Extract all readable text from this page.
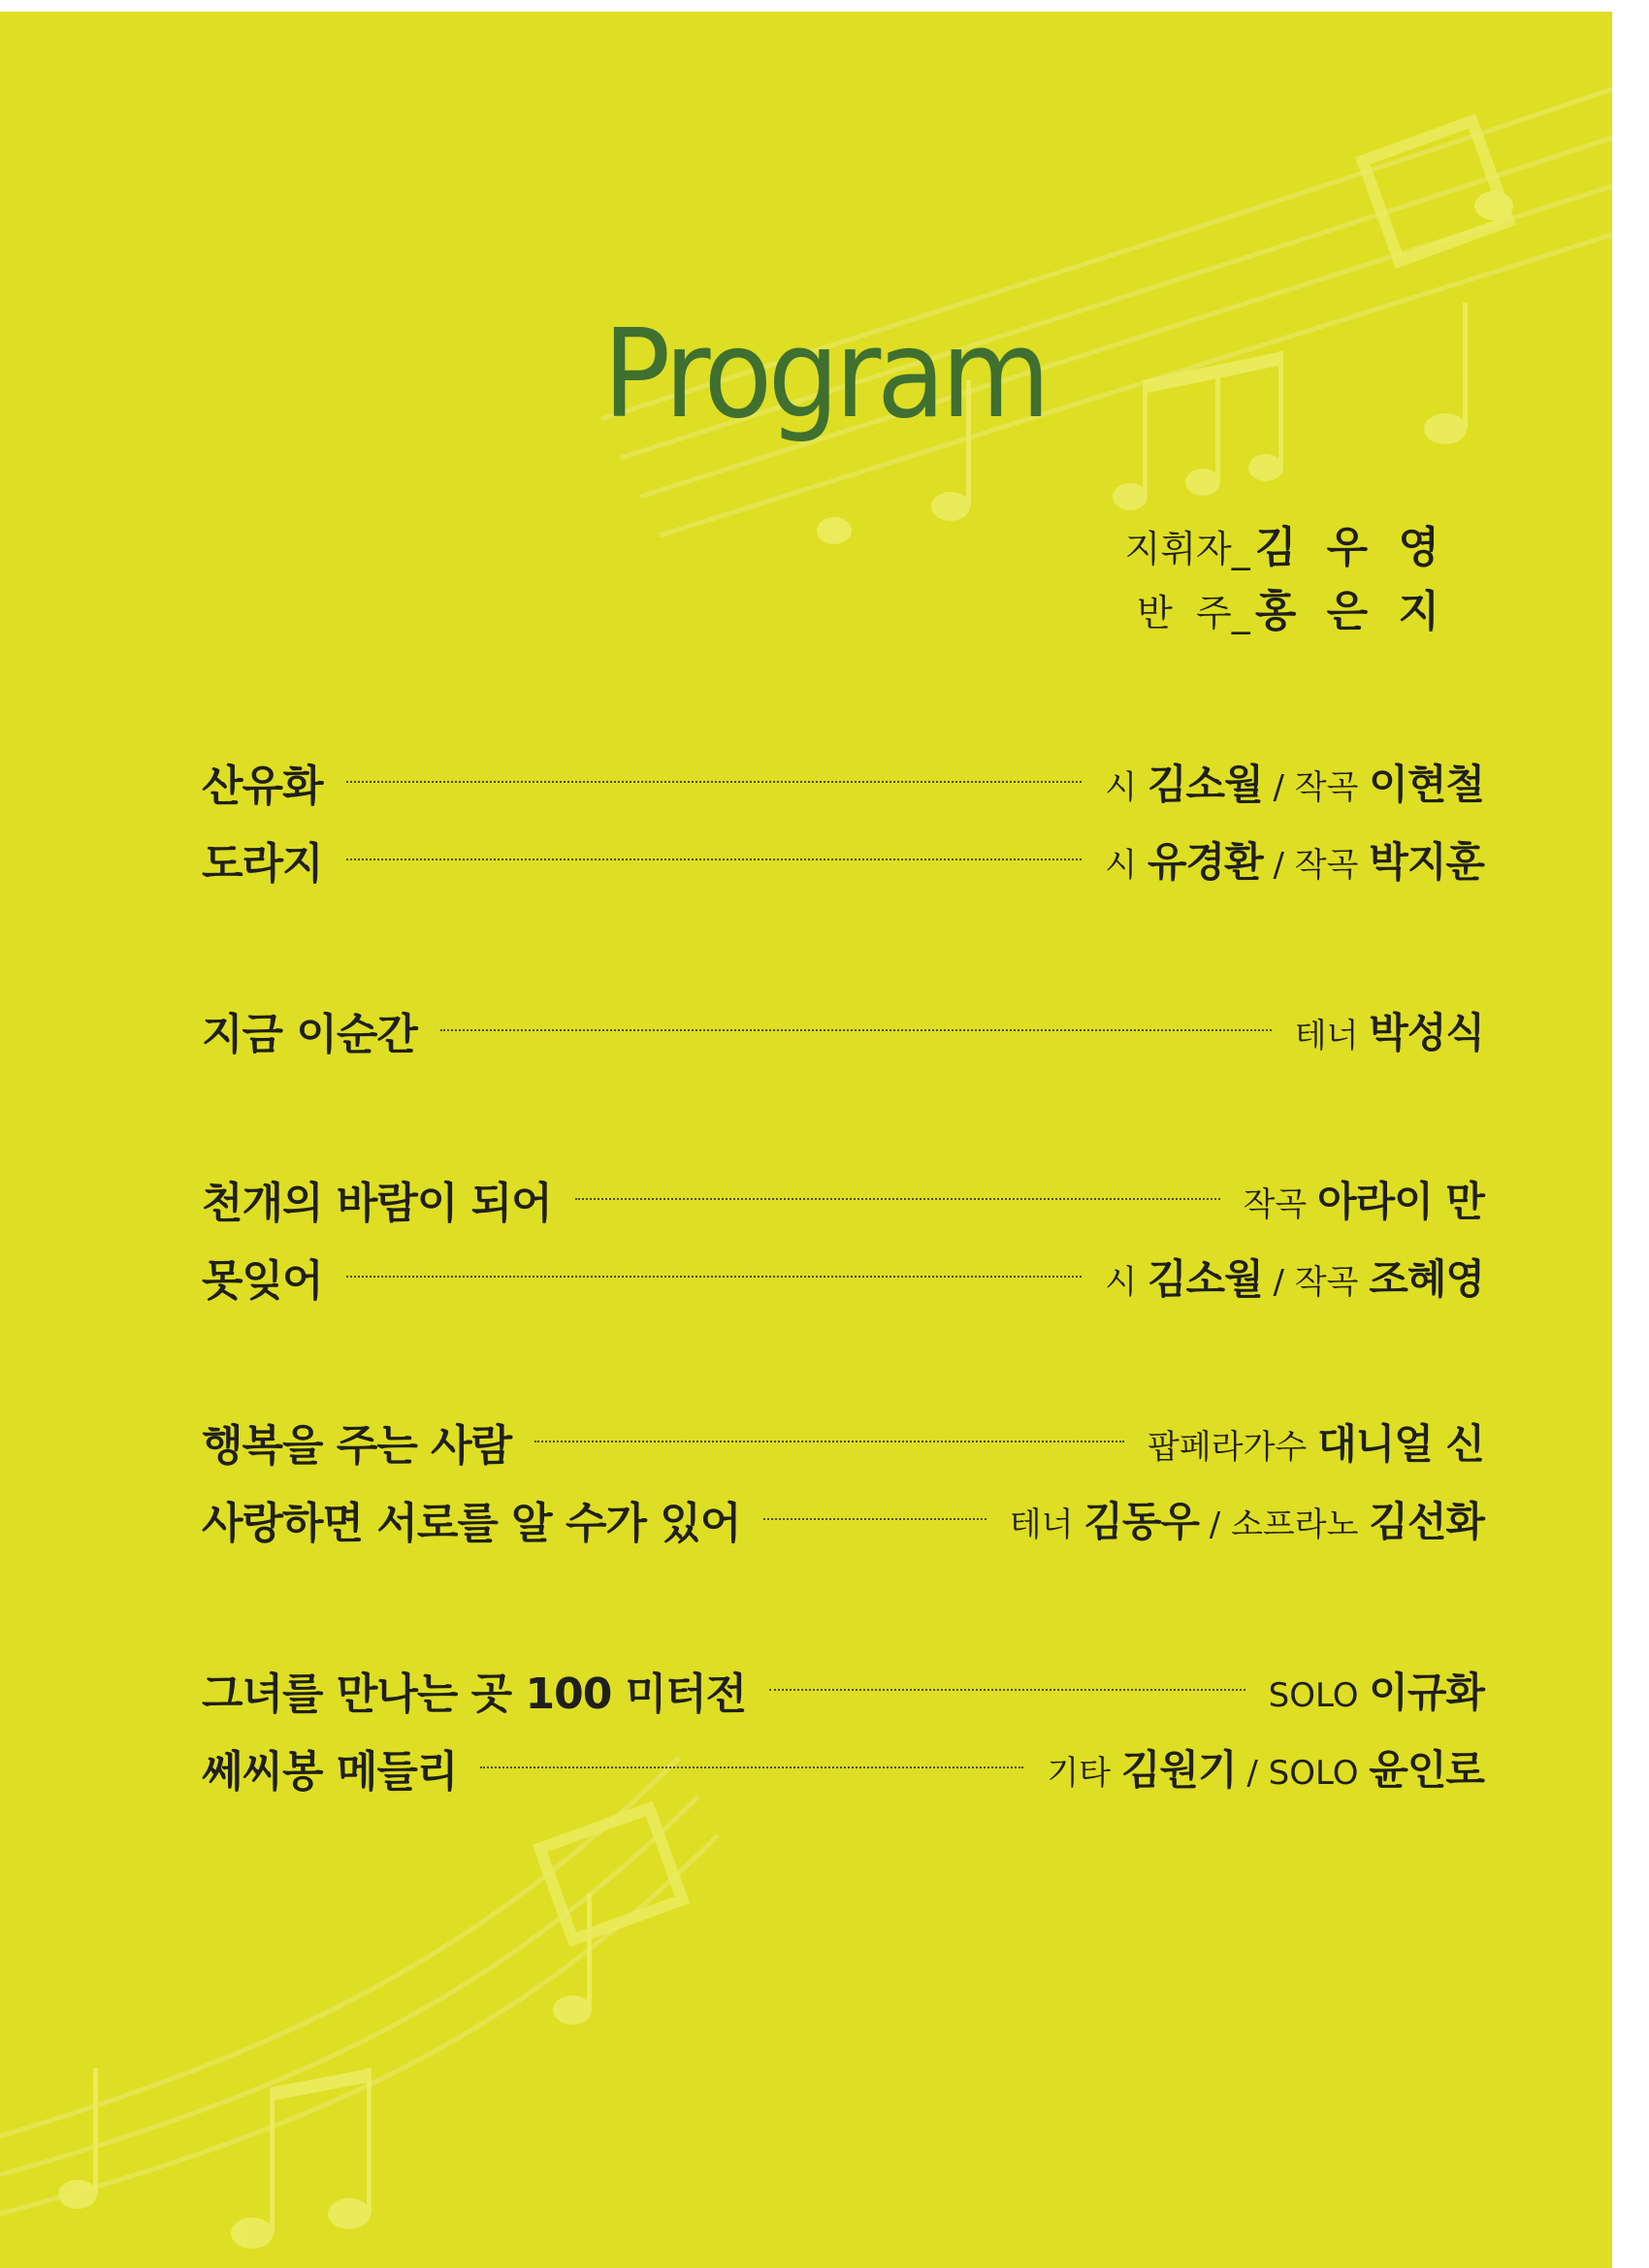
Program
지휘자_ 김 우 영
반  주_ 홍 은 지
산유화	시 김소월 / 작곡 이현철
도라지	시 유경환 / 작곡 박지훈
지금 이순간	테너 박성식
천개의 바람이 되어	작곡 아라이 만
못잊어	시 김소월 / 작곡 조혜영
행복을 주는 사람	팝페라가수 대니얼 신
사랑하면 서로를 알 수가 있어	테너 김동우 / 소프라노 김선화
그녀를 만나는 곳 100 미터전	SOLO 이규화
쎄씨봉 메들리	기타 김원기 / SOLO 윤인로
